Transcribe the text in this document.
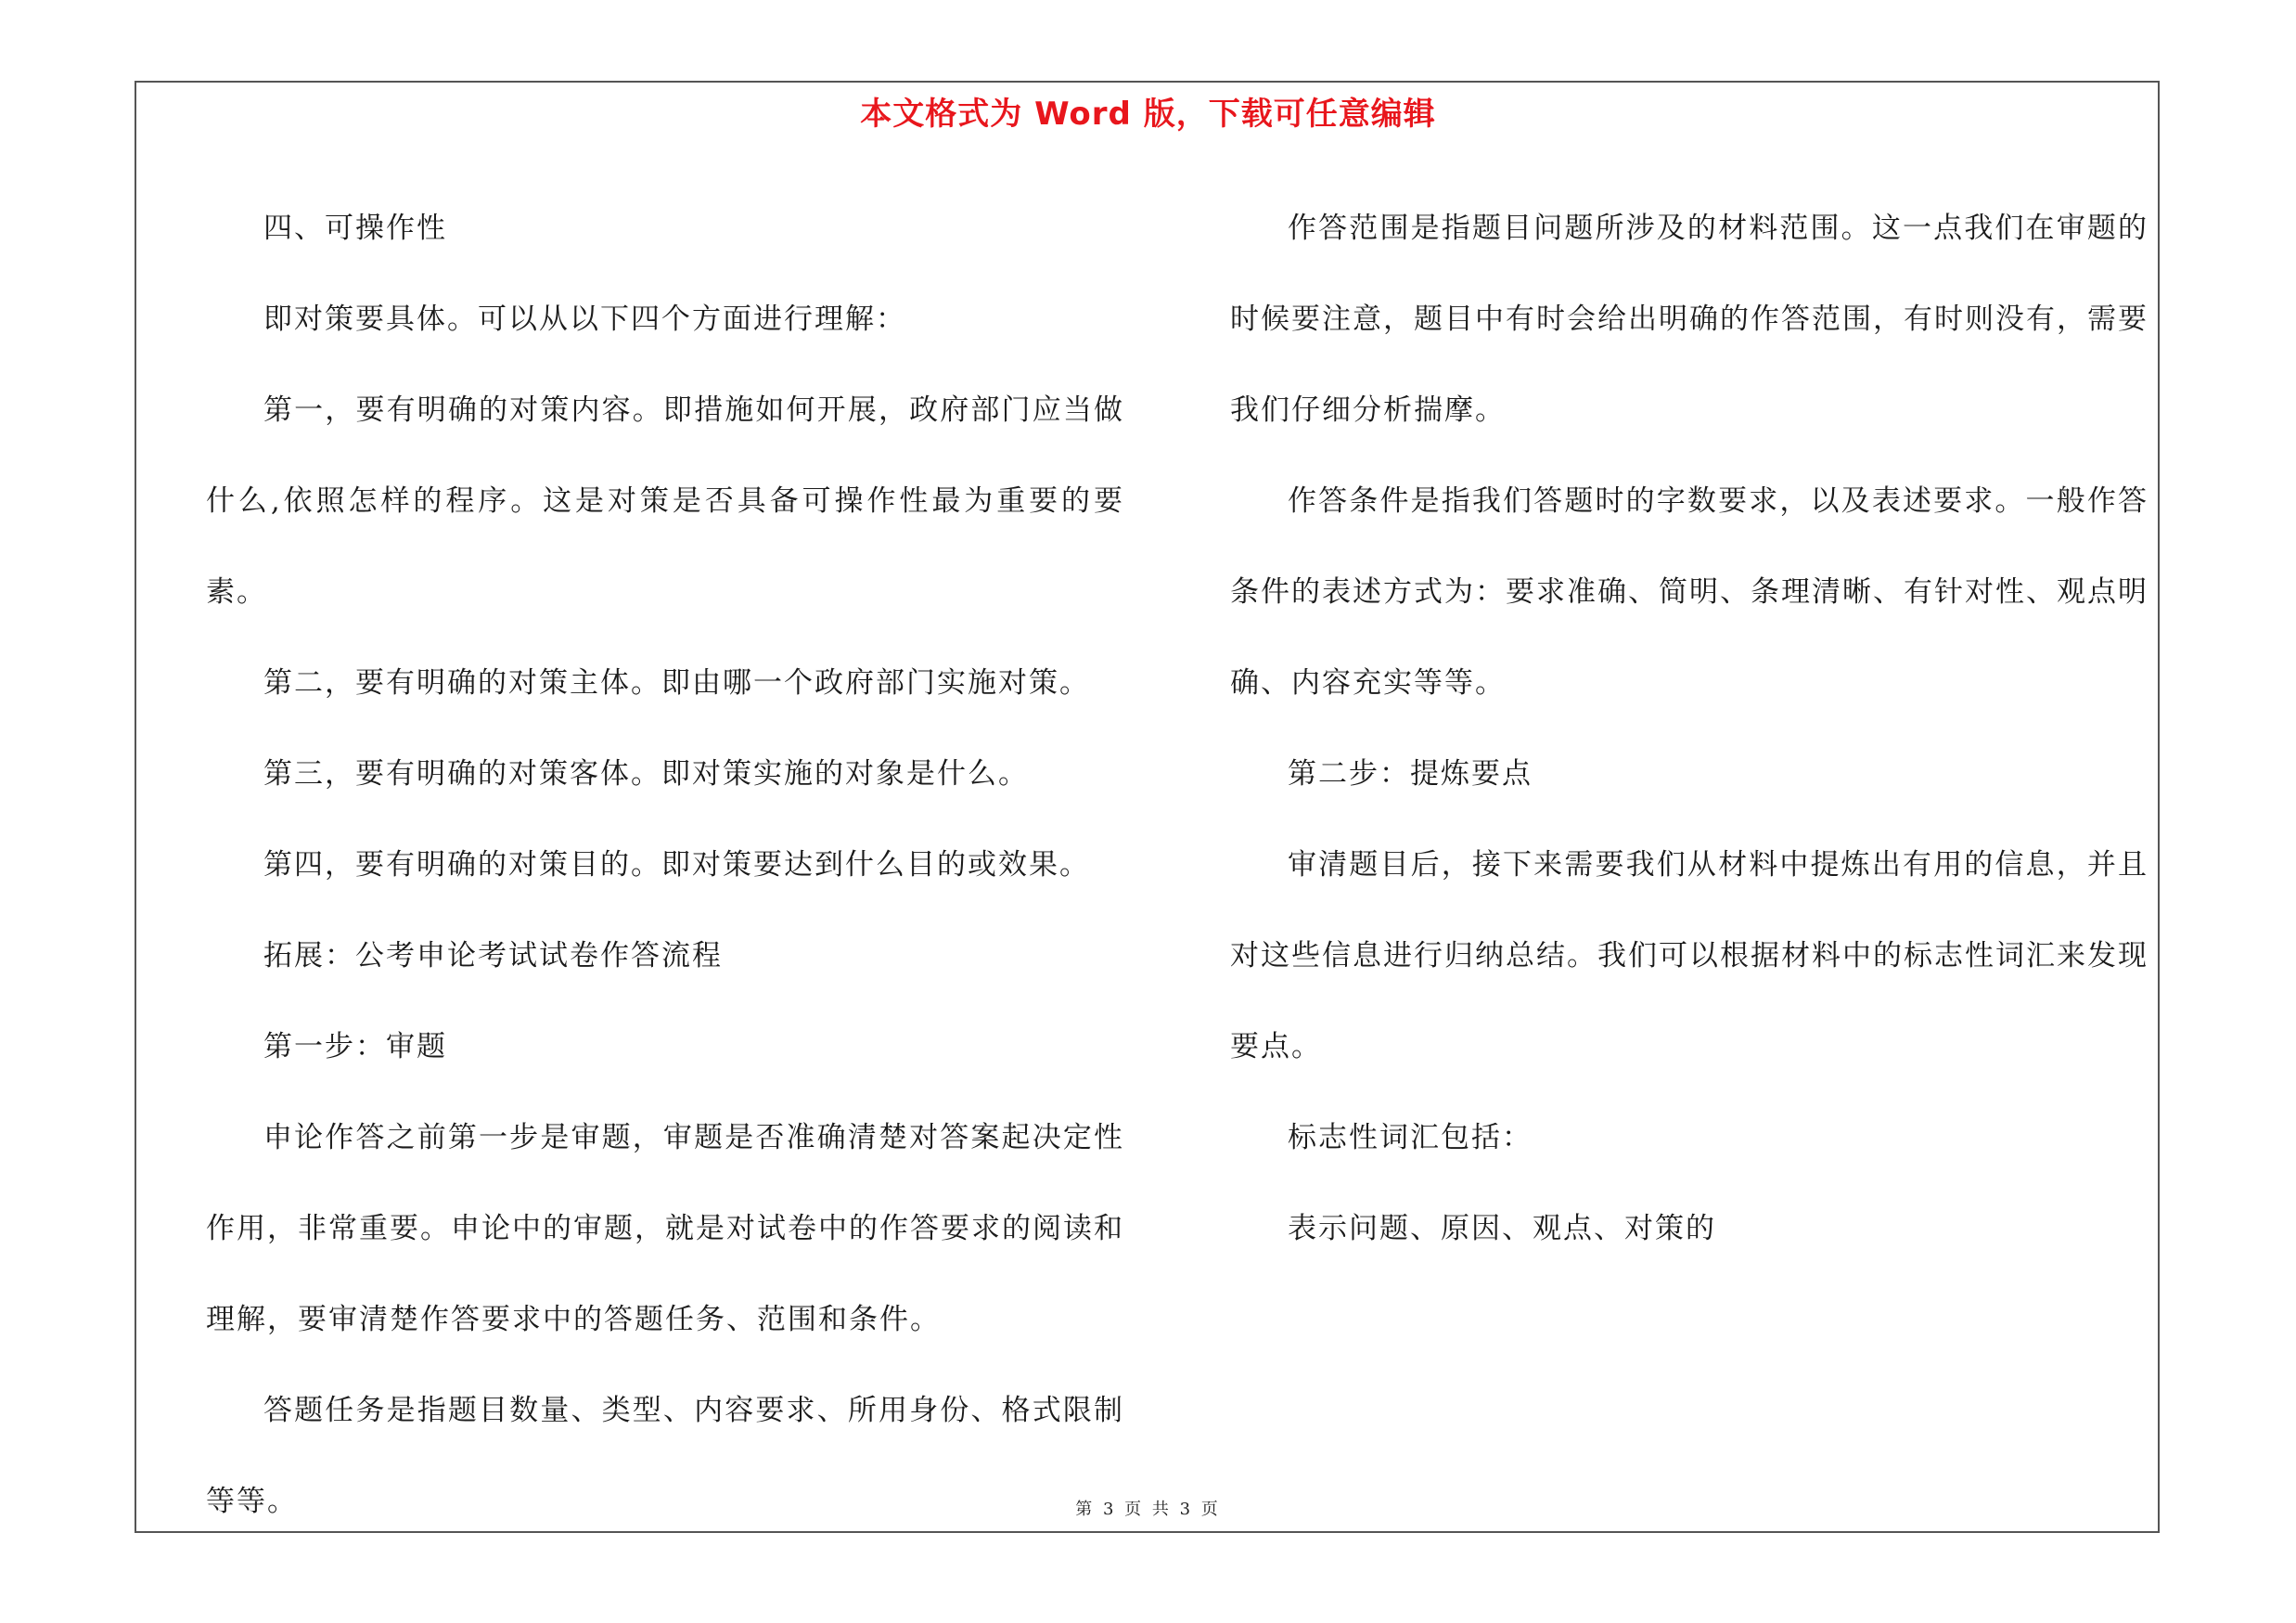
本文格式为 Word 版，下载可任意编辑

四、可操作性

即对策要具体。可以从以下四个方面进行理解：

第一，要有明确的对策内容。即措施如何开展，政府部门应当做什么,依照怎样的程序。这是对策是否具备可操作性最为重要的要素。

第二，要有明确的对策主体。即由哪一个政府部门实施对策。

第三，要有明确的对策客体。即对策实施的对象是什么。

第四，要有明确的对策目的。即对策要达到什么目的或效果。

拓展：公考申论考试试卷作答流程

第一步：审题

申论作答之前第一步是审题，审题是否准确清楚对答案起决定性作用，非常重要。申论中的审题，就是对试卷中的作答要求的阅读和理解，要审清楚作答要求中的答题任务、范围和条件。

答题任务是指题目数量、类型、内容要求、所用身份、格式限制等等。

作答范围是指题目问题所涉及的材料范围。这一点我们在审题的时候要注意，题目中有时会给出明确的作答范围，有时则没有，需要我们仔细分析揣摩。

作答条件是指我们答题时的字数要求，以及表述要求。一般作答条件的表述方式为：要求准确、简明、条理清晰、有针对性、观点明确、内容充实等等。

第二步：提炼要点

审清题目后，接下来需要我们从材料中提炼出有用的信息，并且对这些信息进行归纳总结。我们可以根据材料中的标志性词汇来发现要点。

标志性词汇包括：

表示问题、原因、观点、对策的

第 3 页 共 3 页
